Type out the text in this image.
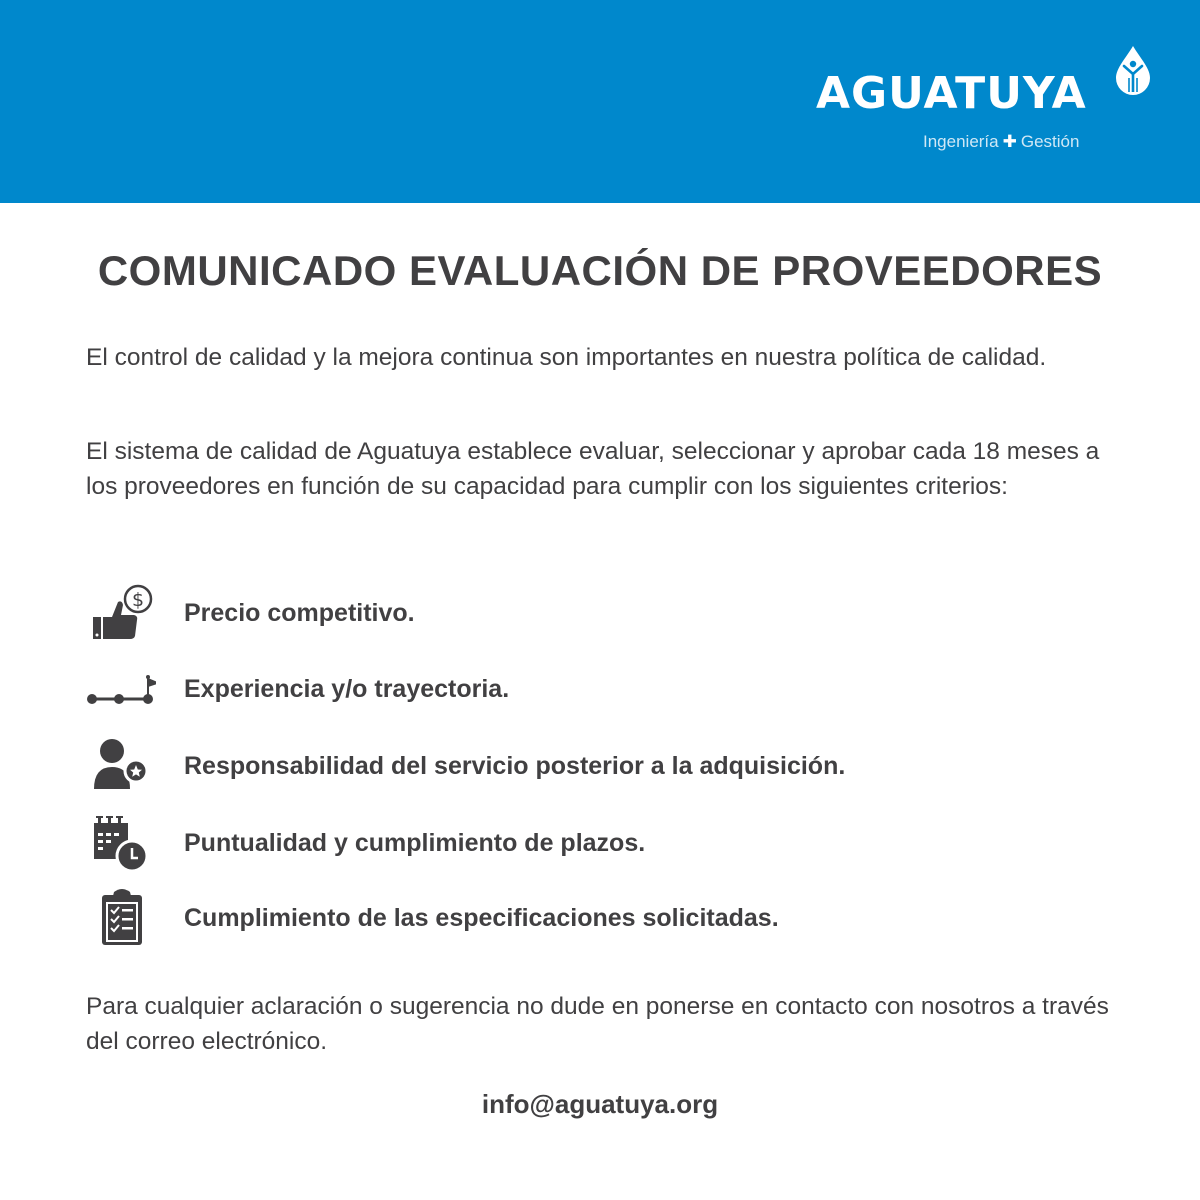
AGUATUYA
Ingeniería ✚ Gestión
COMUNICADO EVALUACIÓN DE PROVEEDORES

El control de calidad y la mejora continua son importantes en nuestra política de calidad.

El sistema de calidad de Aguatuya establece evaluar, seleccionar y aprobar cada 18 meses a los proveedores en función de su capacidad para cumplir con los siguientes criterios:

$ Precio competitivo.
Experiencia y/o trayectoria.
Responsabilidad del servicio posterior a la adquisición.
Puntualidad y cumplimiento de plazos.
Cumplimiento de las especificaciones solicitadas.

Para cualquier aclaración o sugerencia no dude en ponerse en contacto con nosotros a través del correo electrónico.

info@aguatuya.org
